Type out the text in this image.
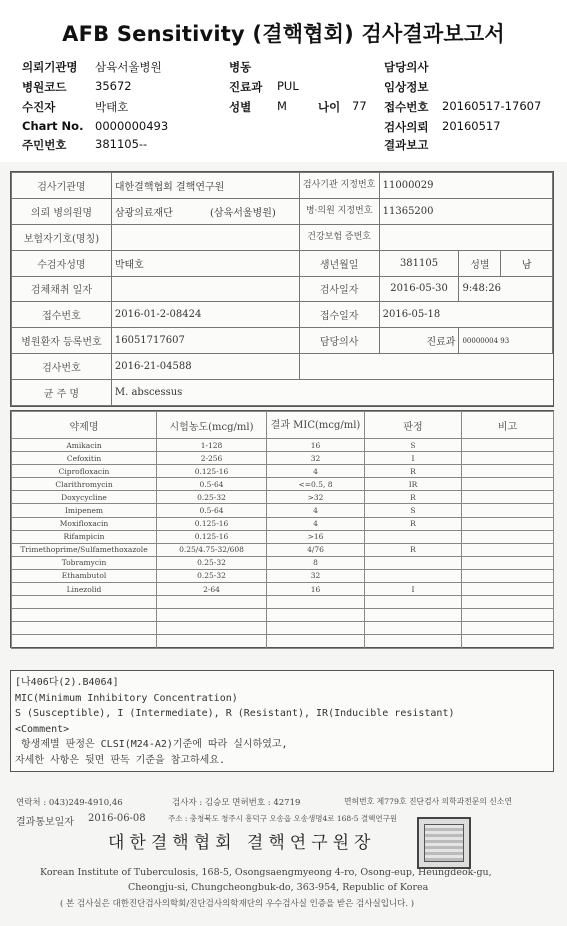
AFB Sensitivity (결핵협회) 검사결과보고서
의뢰기관명 삼육서울병원	병동	담당의사
병원코드 35672	진료과 PUL	임상정보
수진자	박태호	성별 M	나이 77 접수번호 20160517-17607
Chart No. 0000000493	검사의뢰 20160517
주민번호 381105--	결과보고
검사기관명	대한결핵협회 결핵연구원	검사기관 지정번호	11000029		
의뢰 병의원명	삼광의료재단 (삼육서울병원)	병·의원 지정번호	11365200		
보험자기호(명칭)		건강보험 증번호			
수검자성명	박태호	생년월일	381105	성별	남
검체채취 일자		검사일자	2016-05-30	9:48:26	
접수번호	2016-01-2-08424	접수일자	2016-05-18		
병원환자 등록번호	16051717607	담당의사	진료과	00000004 93	
검사번호	2016-21-04588				
균 주 명	M. abscessus				
약제명	시험농도(mcg/ml)	결과 MIC(mcg/ml)	판정	비고
Amikacin	1-128	16	S	
Cefoxitin	2-256	32	I	
Ciprofloxacin	0.125-16	4	R	
Clarithromycin	0.5-64	<=0.5, 8	IR	
Doxycycline	0.25-32	>32	R	
Imipenem	0.5-64	4	S	
Moxifloxacin	0.125-16	4	R	
Rifampicin	0.125-16	>16		
Trimethoprime/Sulfamethoxazole	0.25/4.75-32/608	4/76	R	
Tobramycin	0.25-32	8		
Ethambutol	0.25-32	32		
Linezolid	2-64	16	I	

[나406다(2).B4064]
MIC(Minimum Inhibitory Concentration)
S (Susceptible), I (Intermediate), R (Resistant), IR(Inducible resistant)
<Comment>
항생제별 판정은 CLSI(M24-A2)기준에 따라 실시하였고,
자세한 사항은 뒷면 판독 기준을 참고하세요.
연락처 : 043)249-4910,46	검사자 : 김승모 면허번호 : 42719	면허번호 제779호 진단검사 의학과전문의 신소연
결과통보일자 2016-06-08	주소 : 충청북도 청주시 흥덕구 오송읍 오송생명4로 168-5 결핵연구원
대한결핵협회 결핵연구원장
Korean Institute of Tuberculosis, 168-5, Osongsaengmyeong 4-ro, Osong-eup, Heungdeok-gu,
Cheongju-si, Chungcheongbuk-do, 363-954, Republic of Korea
( 본 검사실은 대한진단검사의학회/진단검사의학재단의 우수검사실 인증을 받은 검사실입니다. )
